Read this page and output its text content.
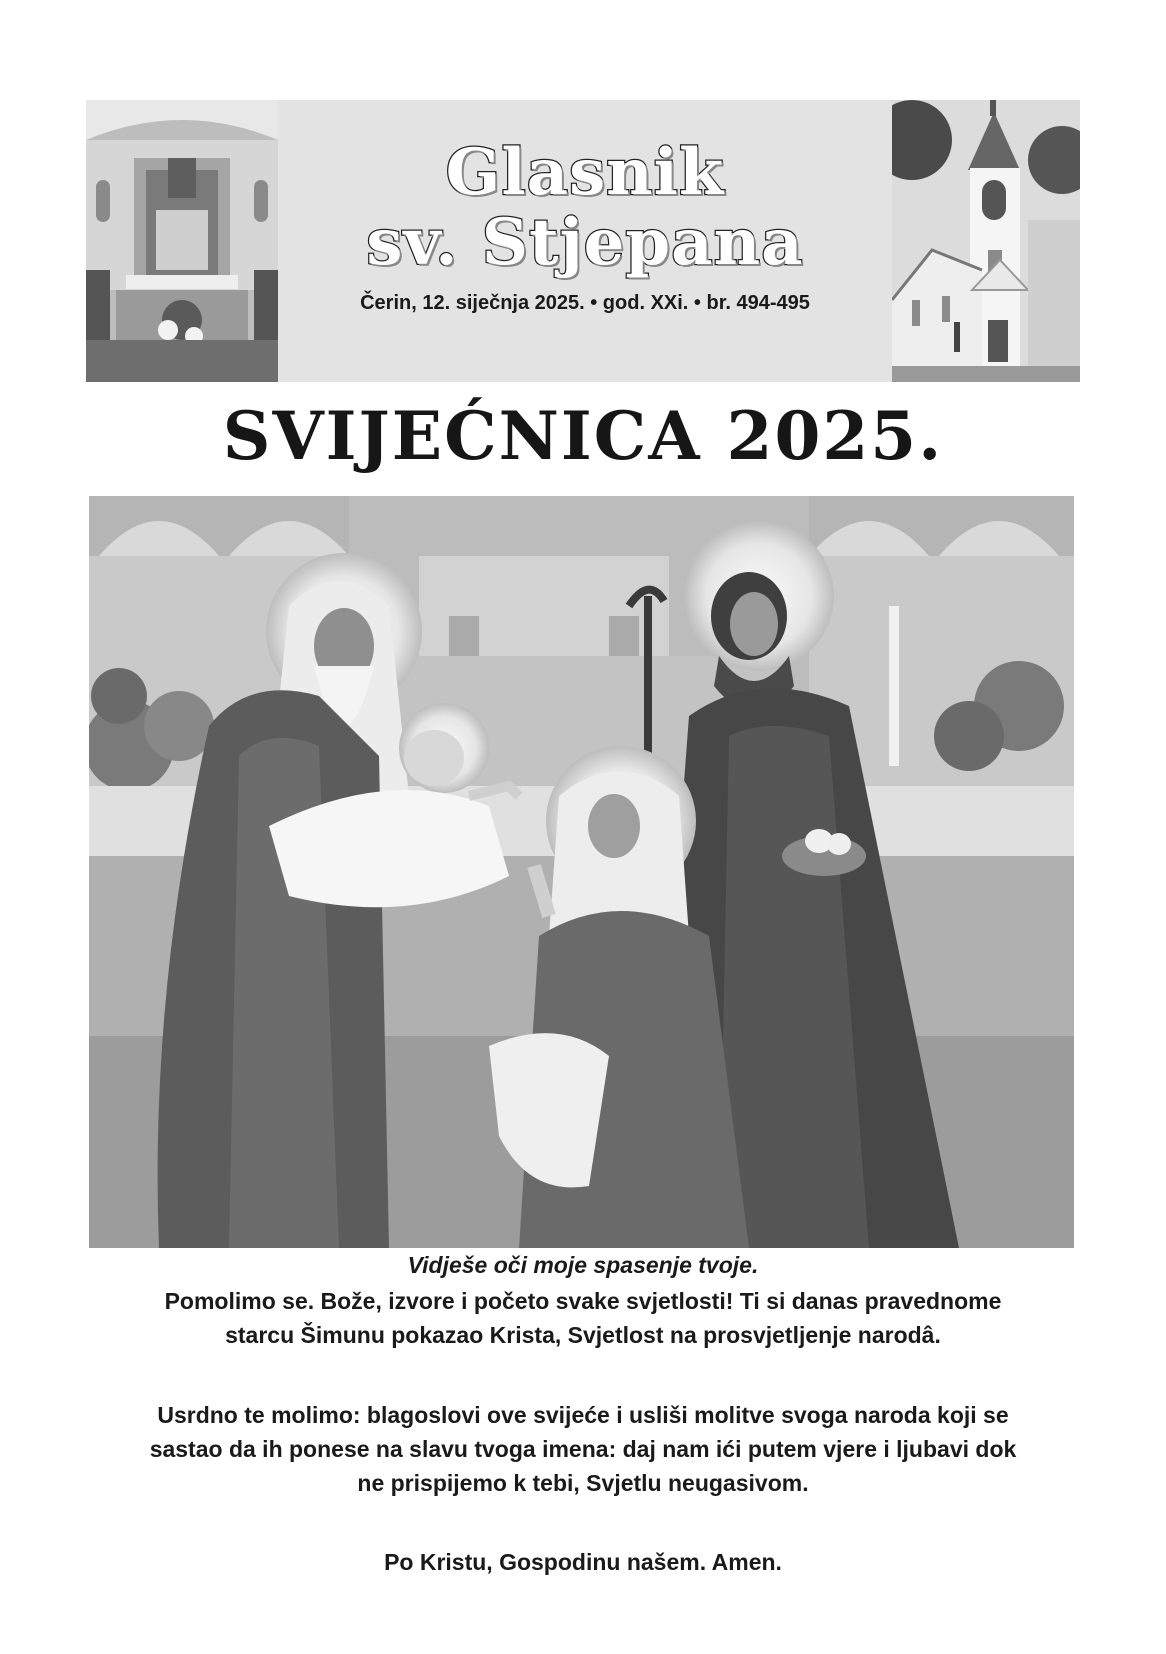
Glasnik
sv. Stjepana
Čerin, 12. siječnja 2025. • god. XXi. • br. 494-495
SVIJEĆNICA 2025.
Vidješe oči moje spasenje tvoje.
Pomolimo se. Bože, izvore i početo svake svjetlosti! Ti si danas pravednome
starcu Šimunu pokazao Krista, Svjetlost na prosvjetljenje narodâ.
Usrdno te molimo: blagoslovi ove svijeće i usliši molitve svoga naroda koji se
sastao da ih ponese na slavu tvoga imena: daj nam ići putem vjere i ljubavi dok
ne prispijemo k tebi, Svjetlu neugasivom.
Po Kristu, Gospodinu našem. Amen.
